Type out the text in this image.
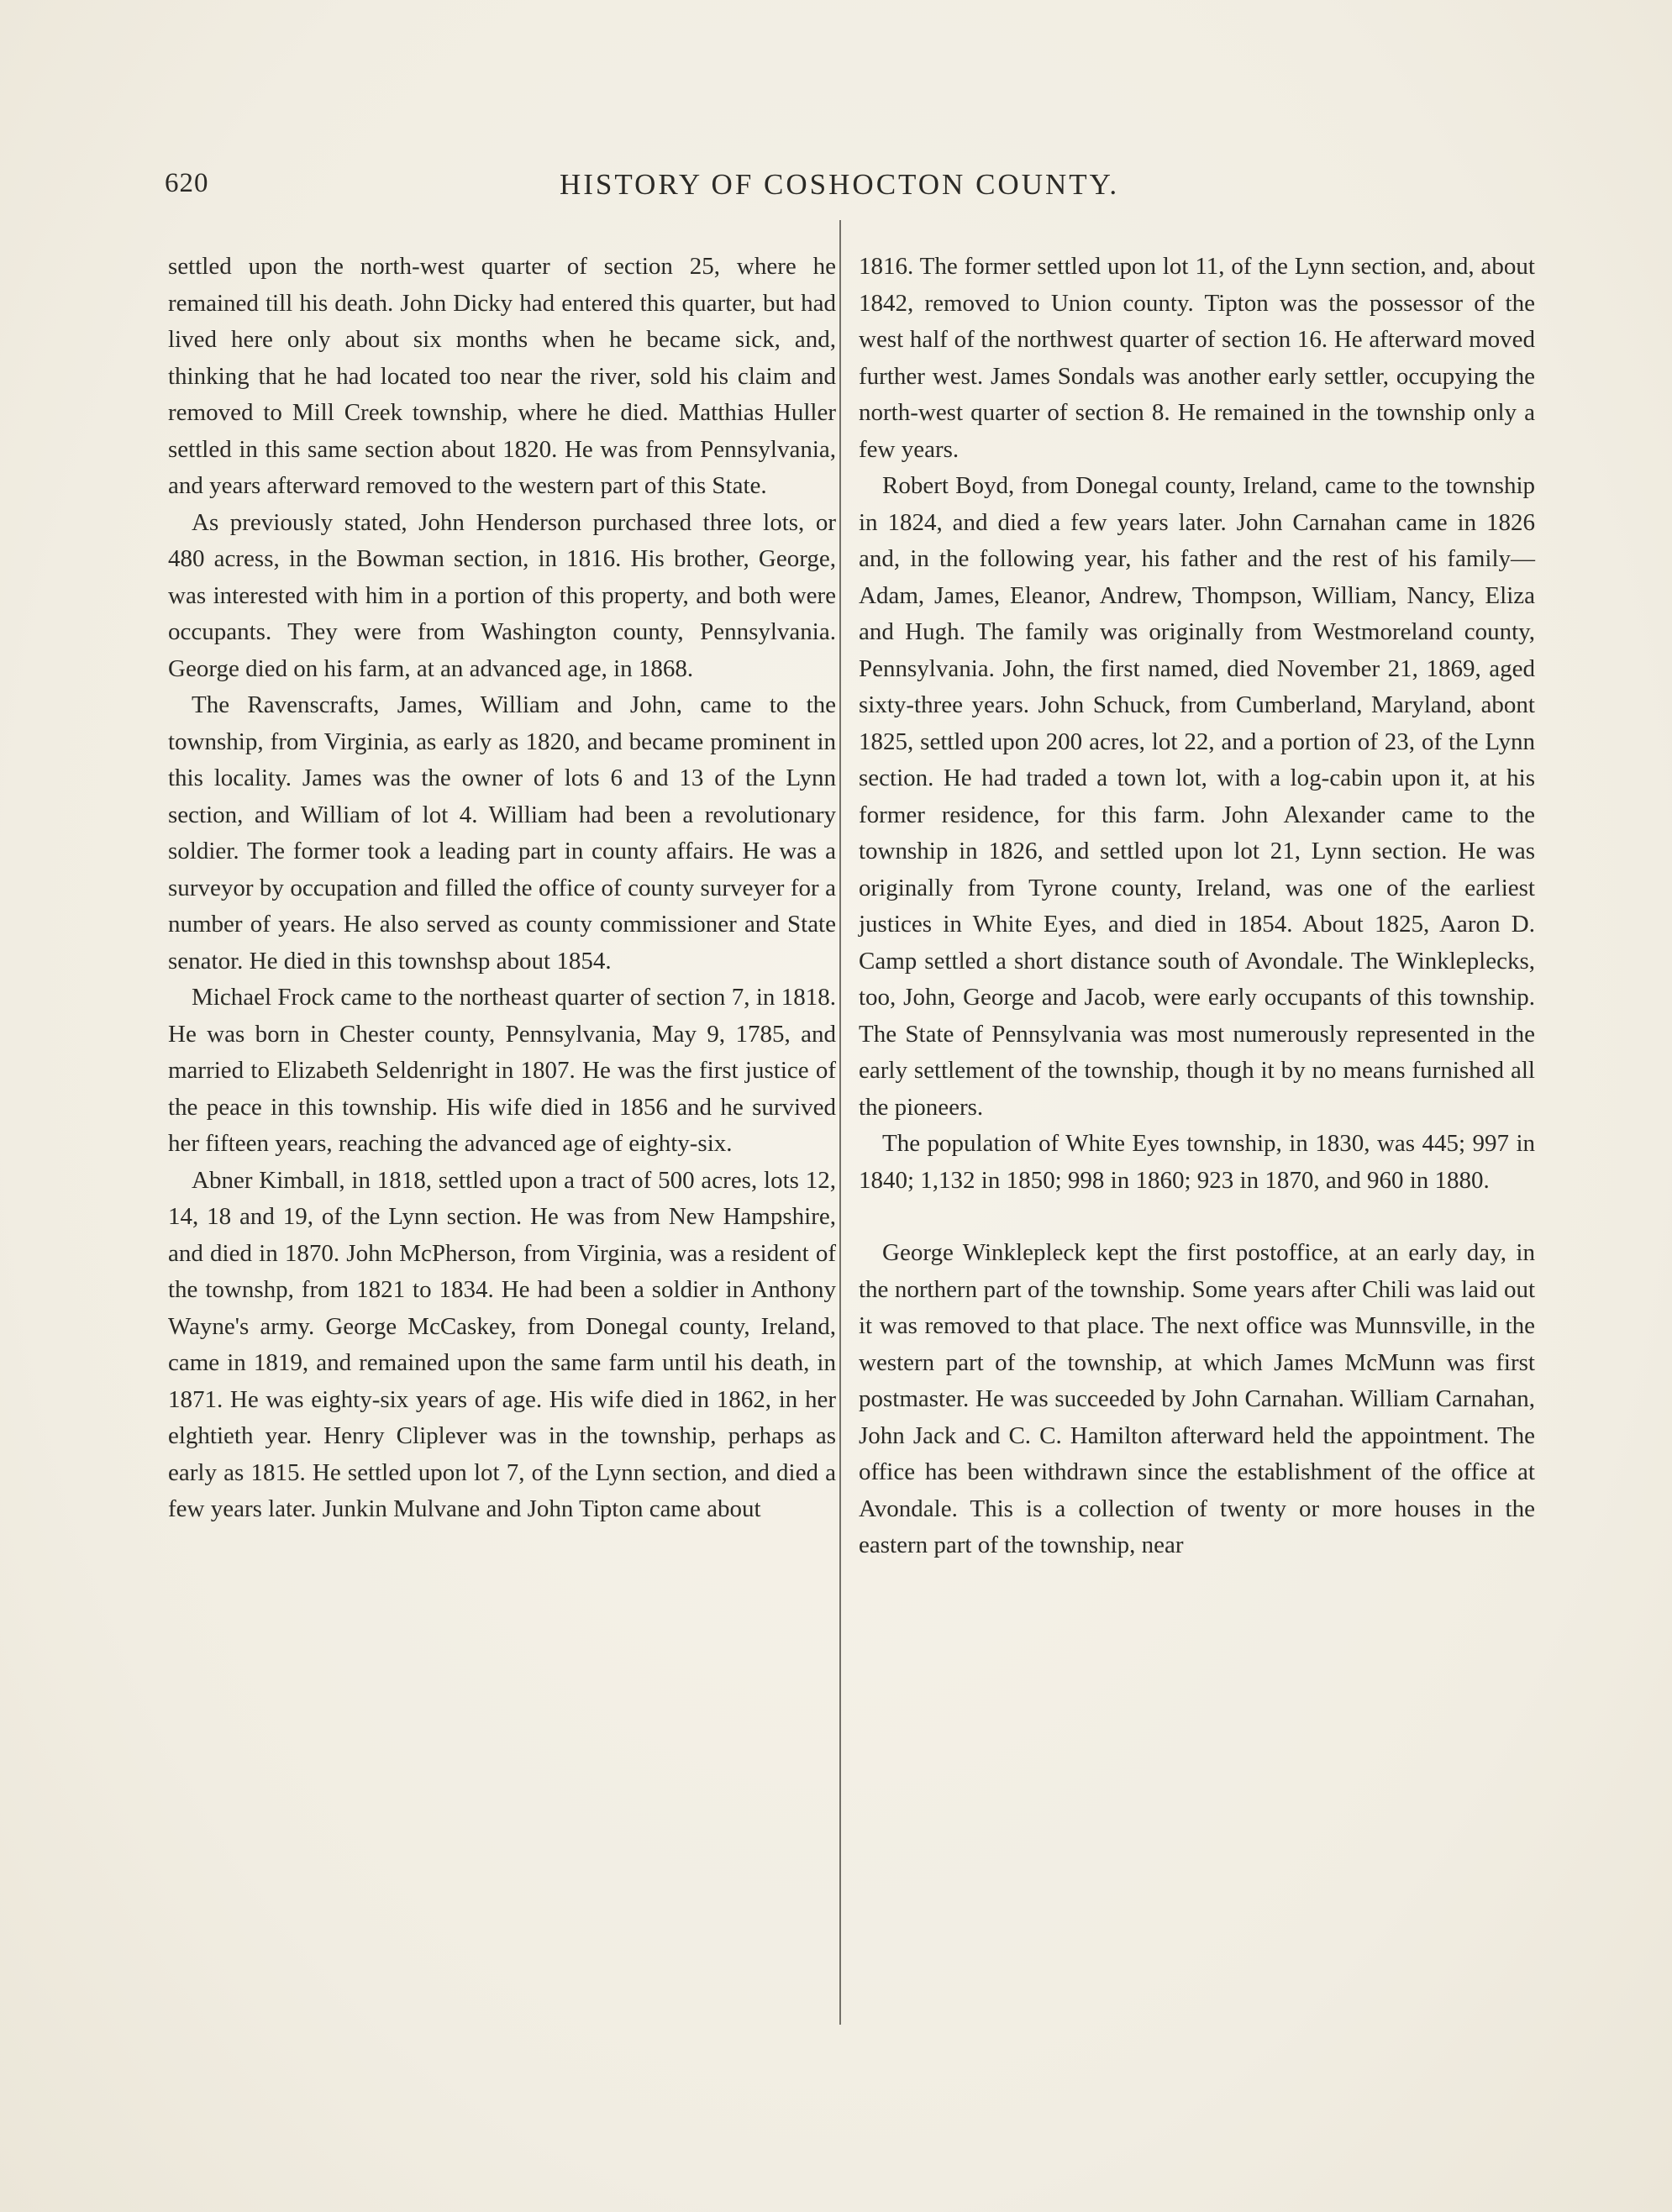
620	HISTORY OF COSHOCTON COUNTY.

settled upon the north-west quarter of section 25, where he remained till his death. John Dicky had entered this quarter, but had lived here only about six months when he became sick, and, thinking that he had located too near the river, sold his claim and removed to Mill Creek township, where he died. Matthias Huller settled in this same section about 1820. He was from Pennsylvania, and years afterward removed to the western part of this State.

As previously stated, John Henderson purchased three lots, or 480 acress, in the Bowman section, in 1816. His brother, George, was interested with him in a portion of this property, and both were occupants. They were from Washington county, Pennsylvania. George died on his farm, at an advanced age, in 1868.

The Ravenscrafts, James, William and John, came to the township, from Virginia, as early as 1820, and became prominent in this locality. James was the owner of lots 6 and 13 of the Lynn section, and William of lot 4. William had been a revolutionary soldier. The former took a leading part in county affairs. He was a surveyor by occupation and filled the office of county surveyer for a number of years. He also served as county commissioner and State senator. He died in this townshsp about 1854.

Michael Frock came to the northeast quarter of section 7, in 1818. He was born in Chester county, Pennsylvania, May 9, 1785, and married to Elizabeth Seldenright in 1807. He was the first justice of the peace in this township. His wife died in 1856 and he survived her fifteen years, reaching the advanced age of eighty-six.

Abner Kimball, in 1818, settled upon a tract of 500 acres, lots 12, 14, 18 and 19, of the Lynn section. He was from New Hampshire, and died in 1870. John McPherson, from Virginia, was a resident of the townshp, from 1821 to 1834. He had been a soldier in Anthony Wayne's army. George McCaskey, from Donegal county, Ireland, came in 1819, and remained upon the same farm until his death, in 1871. He was eighty-six years of age. His wife died in 1862, in her elghtieth year. Henry Cliplever was in the township, perhaps as early as 1815. He settled upon lot 7, of the Lynn section, and died a few years later. Junkin Mulvane and John Tipton came about

1816. The former settled upon lot 11, of the Lynn section, and, about 1842, removed to Union county. Tipton was the possessor of the west half of the northwest quarter of section 16. He afterward moved further west. James Sondals was another early settler, occupying the north-west quarter of section 8. He remained in the township only a few years.

Robert Boyd, from Donegal county, Ireland, came to the township in 1824, and died a few years later. John Carnahan came in 1826 and, in the following year, his father and the rest of his family—Adam, James, Eleanor, Andrew, Thompson, William, Nancy, Eliza and Hugh. The family was originally from Westmoreland county, Pennsylvania. John, the first named, died November 21, 1869, aged sixty-three years. John Schuck, from Cumberland, Maryland, abont 1825, settled upon 200 acres, lot 22, and a portion of 23, of the Lynn section. He had traded a town lot, with a log-cabin upon it, at his former residence, for this farm. John Alexander came to the township in 1826, and settled upon lot 21, Lynn section. He was originally from Tyrone county, Ireland, was one of the earliest justices in White Eyes, and died in 1854. About 1825, Aaron D. Camp settled a short distance south of Avondale. The Winkleplecks, too, John, George and Jacob, were early occupants of this township. The State of Pennsylvania was most numerously represented in the early settlement of the township, though it by no means furnished all the pioneers.

The population of White Eyes township, in 1830, was 445; 997 in 1840; 1,132 in 1850; 998 in 1860; 923 in 1870, and 960 in 1880.

George Winklepleck kept the first postoffice, at an early day, in the northern part of the township. Some years after Chili was laid out it was removed to that place. The next office was Munnsville, in the western part of the township, at which James McMunn was first postmaster. He was succeeded by John Carnahan. William Carnahan, John Jack and C. C. Hamilton afterward held the appointment. The office has been withdrawn since the establishment of the office at Avondale. This is a collection of twenty or more houses in the eastern part of the township, near
